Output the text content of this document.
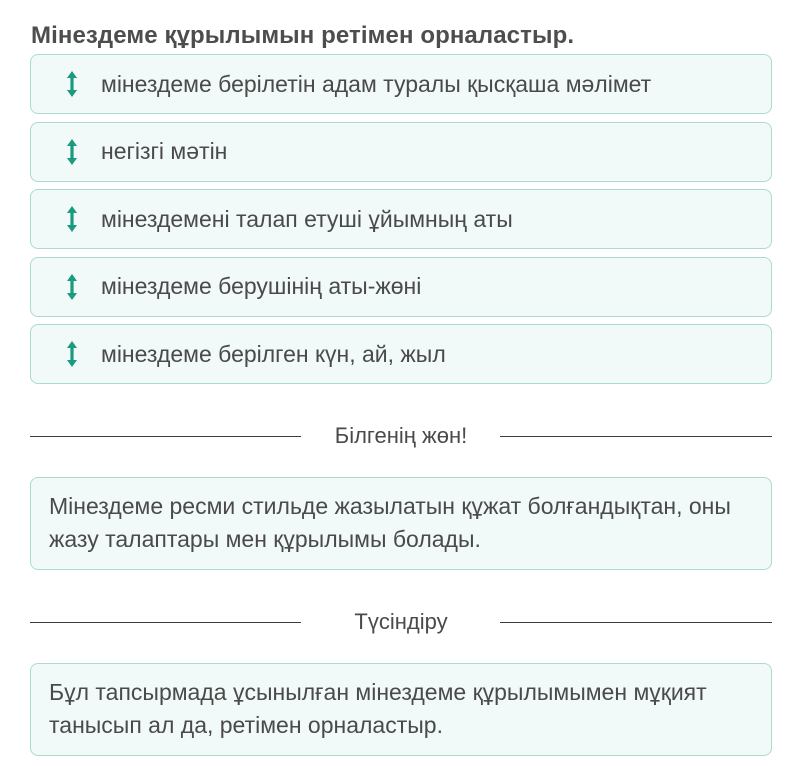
Мінездеме құрылымын ретімен орналастыр.
мінездеме берілетін адам туралы қысқаша мәлімет
негізгі мәтін
мінездемені талап етуші ұйымның аты
мінездеме берушінің аты-жөні
мінездеме берілген күн, ай, жыл
Білгенің жөн!
Мінездеме ресми стильде жазылатын құжат болғандықтан, оны жазу талаптары мен құрылымы болады.
Түсіндіру
Бұл тапсырмада ұсынылған мінездеме құрылымымен мұқият танысып ал да, ретімен орналастыр.
